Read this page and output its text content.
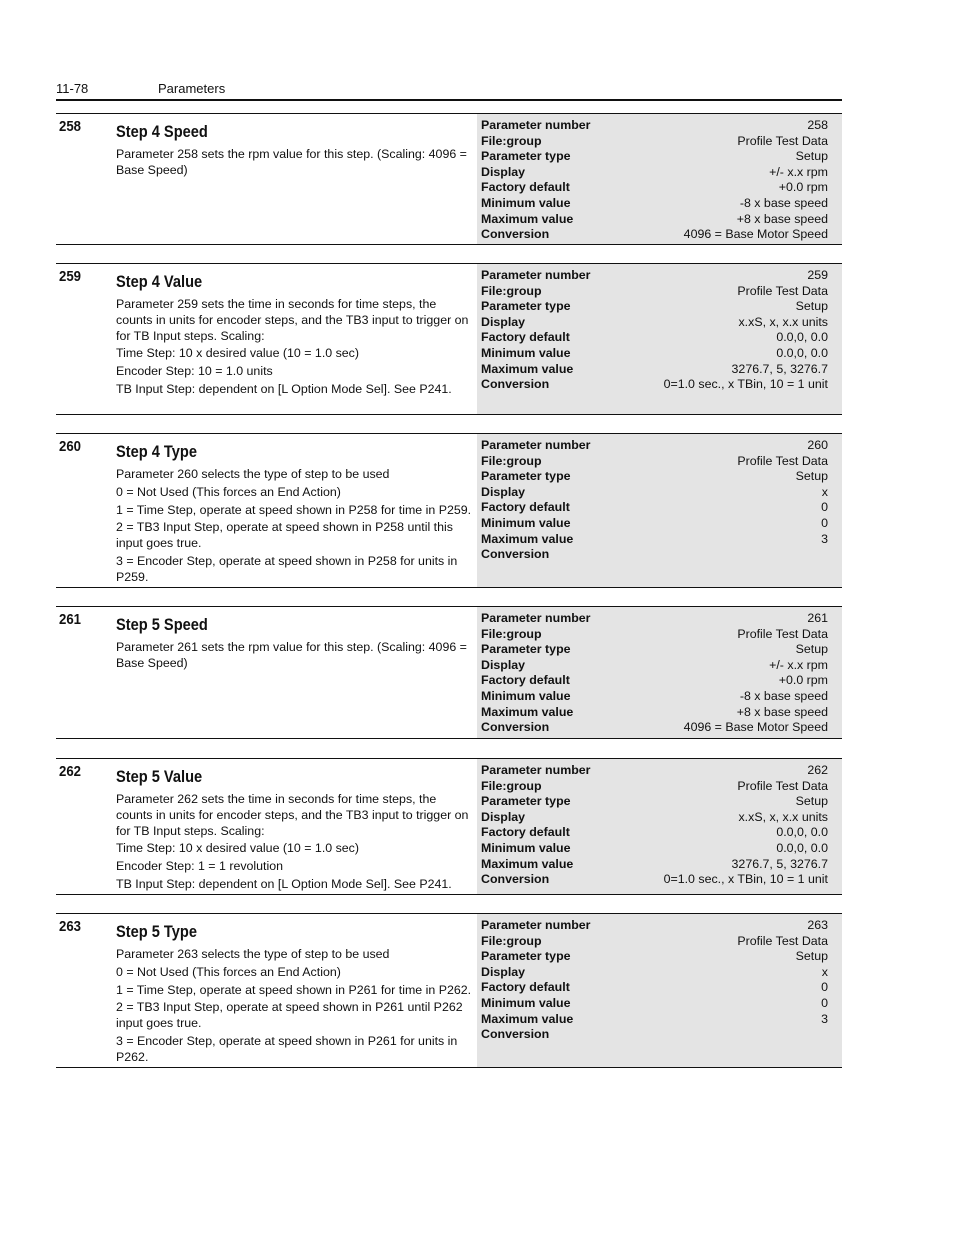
11-78	Parameters
258 Step 4 Speed
Parameter 258 sets the rpm value for this step. (Scaling: 4096 = Base Speed)
Parameter number	258
File:group	Profile Test Data
Parameter type	Setup
Display	+/- x.x rpm
Factory default	+0.0 rpm
Minimum value	-8 x base speed
Maximum value	+8 x base speed
Conversion	4096 = Base Motor Speed
259 Step 4 Value
Parameter 259 sets the time in seconds for time steps, the counts in units for encoder steps, and the TB3 input to trigger on for TB Input steps. Scaling:
Time Step: 10 x desired value (10 = 1.0 sec)
Encoder Step: 10 = 1.0 units
TB Input Step: dependent on [L Option Mode Sel]. See P241.
Parameter number	259
File:group	Profile Test Data
Parameter type	Setup
Display	x.xS, x, x.x units
Factory default	0.0,0, 0.0
Minimum value	0.0,0, 0.0
Maximum value	3276.7, 5, 3276.7
Conversion	0=1.0 sec., x TBin, 10 = 1 unit
260 Step 4 Type
Parameter 260 selects the type of step to be used
0 = Not Used (This forces an End Action)
1 = Time Step, operate at speed shown in P258 for time in P259.
2 = TB3 Input Step, operate at speed shown in P258 until this input goes true.
3 = Encoder Step, operate at speed shown in P258 for units in P259.
Parameter number	260
File:group	Profile Test Data
Parameter type	Setup
Display	x
Factory default	0
Minimum value	0
Maximum value	3
Conversion
261 Step 5 Speed
Parameter 261 sets the rpm value for this step. (Scaling: 4096 = Base Speed)
Parameter number	261
File:group	Profile Test Data
Parameter type	Setup
Display	+/- x.x rpm
Factory default	+0.0 rpm
Minimum value	-8 x base speed
Maximum value	+8 x base speed
Conversion	4096 = Base Motor Speed
262 Step 5 Value
Parameter 262 sets the time in seconds for time steps, the counts in units for encoder steps, and the TB3 input to trigger on for TB Input steps. Scaling:
Time Step: 10 x desired value (10 = 1.0 sec)
Encoder Step: 1 = 1 revolution
TB Input Step: dependent on [L Option Mode Sel]. See P241.
Parameter number	262
File:group	Profile Test Data
Parameter type	Setup
Display	x.xS, x, x.x units
Factory default	0.0,0, 0.0
Minimum value	0.0,0, 0.0
Maximum value	3276.7, 5, 3276.7
Conversion	0=1.0 sec., x TBin, 10 = 1 unit
263 Step 5 Type
Parameter 263 selects the type of step to be used
0 = Not Used (This forces an End Action)
1 = Time Step, operate at speed shown in P261 for time in P262.
2 = TB3 Input Step, operate at speed shown in P261 until P262 input goes true.
3 = Encoder Step, operate at speed shown in P261 for units in P262.
Parameter number	263
File:group	Profile Test Data
Parameter type	Setup
Display	x
Factory default	0
Minimum value	0
Maximum value	3
Conversion
